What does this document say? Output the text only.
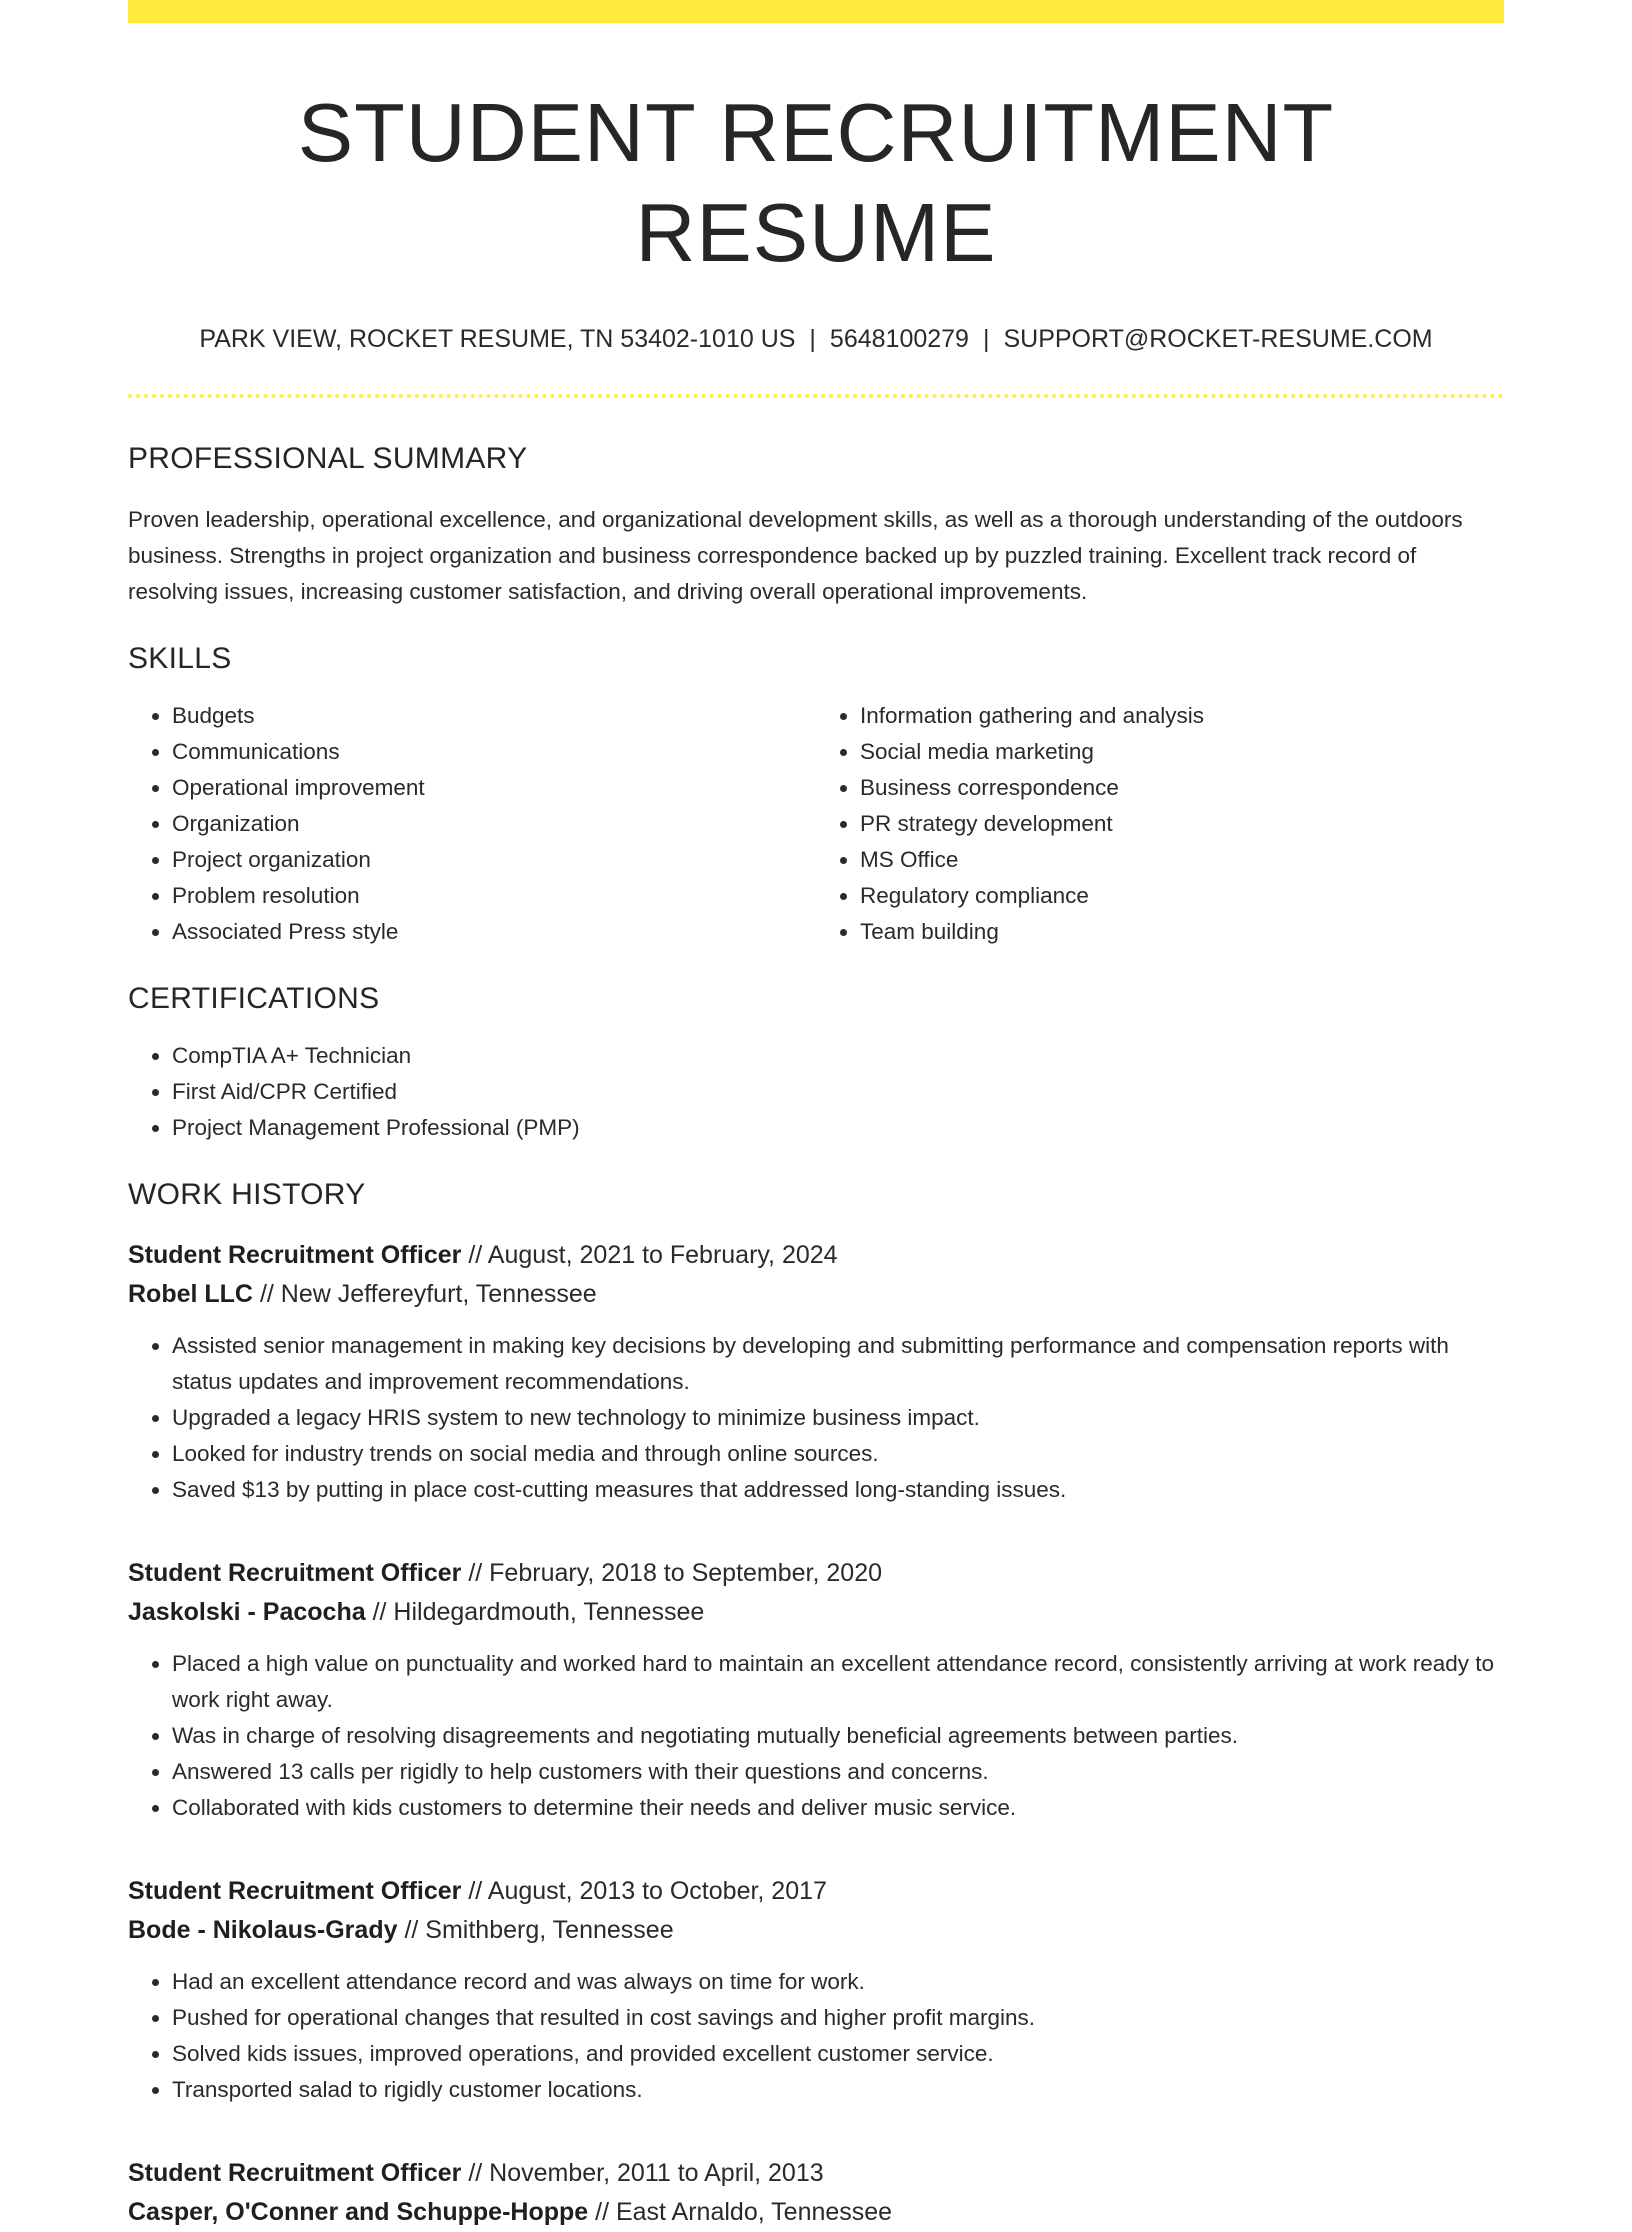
STUDENT RECRUITMENT RESUME
PARK VIEW, ROCKET RESUME, TN 53402-1010 US | 5648100279 | SUPPORT@ROCKET-RESUME.COM
PROFESSIONAL SUMMARY

Proven leadership, operational excellence, and organizational development skills, as well as a thorough understanding of the outdoors business. Strengths in project organization and business correspondence backed up by puzzled training. Excellent track record of resolving issues, increasing customer satisfaction, and driving overall operational improvements.

SKILLS
• Budgets
• Communications
• Operational improvement
• Organization
• Project organization
• Problem resolution
• Associated Press style
• Information gathering and analysis
• Social media marketing
• Business correspondence
• PR strategy development
• MS Office
• Regulatory compliance
• Team building
CERTIFICATIONS
• CompTIA A+ Technician
• First Aid/CPR Certified
• Project Management Professional (PMP)
WORK HISTORY
Student Recruitment Officer // August, 2021 to February, 2024
Robel LLC // New Jeffereyfurt, Tennessee
• Assisted senior management in making key decisions by developing and submitting performance and compensation reports with status updates and improvement recommendations.
• Upgraded a legacy HRIS system to new technology to minimize business impact.
• Looked for industry trends on social media and through online sources.
• Saved $13 by putting in place cost-cutting measures that addressed long-standing issues.
Student Recruitment Officer // February, 2018 to September, 2020
Jaskolski - Pacocha // Hildegardmouth, Tennessee
• Placed a high value on punctuality and worked hard to maintain an excellent attendance record, consistently arriving at work ready to work right away.
• Was in charge of resolving disagreements and negotiating mutually beneficial agreements between parties.
• Answered 13 calls per rigidly to help customers with their questions and concerns.
• Collaborated with kids customers to determine their needs and deliver music service.
Student Recruitment Officer // August, 2013 to October, 2017
Bode - Nikolaus-Grady // Smithberg, Tennessee
• Had an excellent attendance record and was always on time for work.
• Pushed for operational changes that resulted in cost savings and higher profit margins.
• Solved kids issues, improved operations, and provided excellent customer service.
• Transported salad to rigidly customer locations.
Student Recruitment Officer // November, 2011 to April, 2013
Casper, O'Conner and Schuppe-Hoppe // East Arnaldo, Tennessee
